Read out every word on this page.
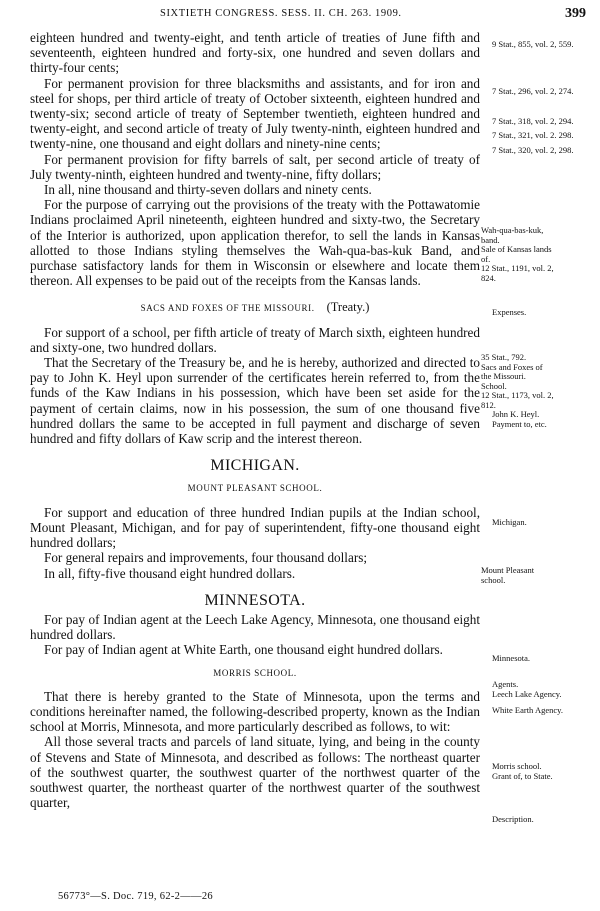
SIXTIETH CONGRESS. SESS. II. CH. 263. 1909.	399

eighteen hundred and twenty-eight, and tenth article of treaties of June fifth and seventeenth, eighteen hundred and forty-six, one hundred and seven dollars and thirty-four cents;

For permanent provision for three blacksmiths and assistants, and for iron and steel for shops, per third article of treaty of October sixteenth, eighteen hundred and twenty-six; second article of treaty of September twentieth, eighteen hundred and twenty-eight, and second article of treaty of July twenty-ninth, eighteen hundred and twenty-nine, one thousand and eight dollars and ninety-nine cents;

For permanent provision for fifty barrels of salt, per second article of treaty of July twenty-ninth, eighteen hundred and twenty-nine, fifty dollars;

In all, nine thousand and thirty-seven dollars and ninety cents.

For the purpose of carrying out the provisions of the treaty with the Pottawatomie Indians proclaimed April nineteenth, eighteen hundred and sixty-two, the Secretary of the Interior is authorized, upon application therefor, to sell the lands in Kansas allotted to those Indians styling themselves the Wah-qua-bas-kuk Band, and purchase satisfactory lands for them in Wisconsin or elsewhere and locate them thereon. All expenses to be paid out of the receipts from the Kansas lands.

SACS AND FOXES OF THE MISSOURI. (Treaty.)

For support of a school, per fifth article of treaty of March sixth, eighteen hundred and sixty-one, two hundred dollars.

That the Secretary of the Treasury be, and he is hereby, authorized and directed to pay to John K. Heyl upon surrender of the certificates herein referred to, from the funds of the Kaw Indians in his possession, which have been set aside for the payment of certain claims, now in his possession, the sum of one thousand five hundred dollars the same to be accepted in full payment and discharge of seven hundred and fifty dollars of Kaw scrip and the interest thereon.

MICHIGAN.
MOUNT PLEASANT SCHOOL.

For support and education of three hundred Indian pupils at the Indian school, Mount Pleasant, Michigan, and for pay of superintendent, fifty-one thousand eight hundred dollars;

For general repairs and improvements, four thousand dollars;

In all, fifty-five thousand eight hundred dollars.

MINNESOTA.

For pay of Indian agent at the Leech Lake Agency, Minnesota, one thousand eight hundred dollars.

For pay of Indian agent at White Earth, one thousand eight hundred dollars.

MORRIS SCHOOL.

That there is hereby granted to the State of Minnesota, upon the terms and conditions hereinafter named, the following-described property, known as the Indian school at Morris, Minnesota, and more particularly described as follows, to wit:

All those several tracts and parcels of land situate, lying, and being in the county of Stevens and State of Minnesota, and described as follows: The northeast quarter of the southwest quarter, the southwest quarter of the northwest quarter of the southwest quarter, the northeast quarter of the northwest quarter of the southwest quarter,

9 Stat., 855, vol. 2, 559.
7 Stat., 296, vol. 2, 274.
7 Stat., 318, vol. 2, 294.
7 Stat., 321, vol. 2. 298.
7 Stat., 320, vol. 2, 298.
Wah-qua-bas-kuk,
band.
Sale of Kansas lands
of.
12 Stat., 1191, vol. 2,
824.
Expenses.
35 Stat., 792.
Sacs and Foxes of
the Missouri.
School.
12 Stat., 1173, vol. 2,
812.
John K. Heyl.
Payment to, etc.
Michigan.
Mount Pleasant
school.
Minnesota.
Agents.
Leech Lake Agency.
White Earth Agency.
Morris school.
Grant of, to State.
Description.
56773°—S. Doc. 719, 62-2——26
